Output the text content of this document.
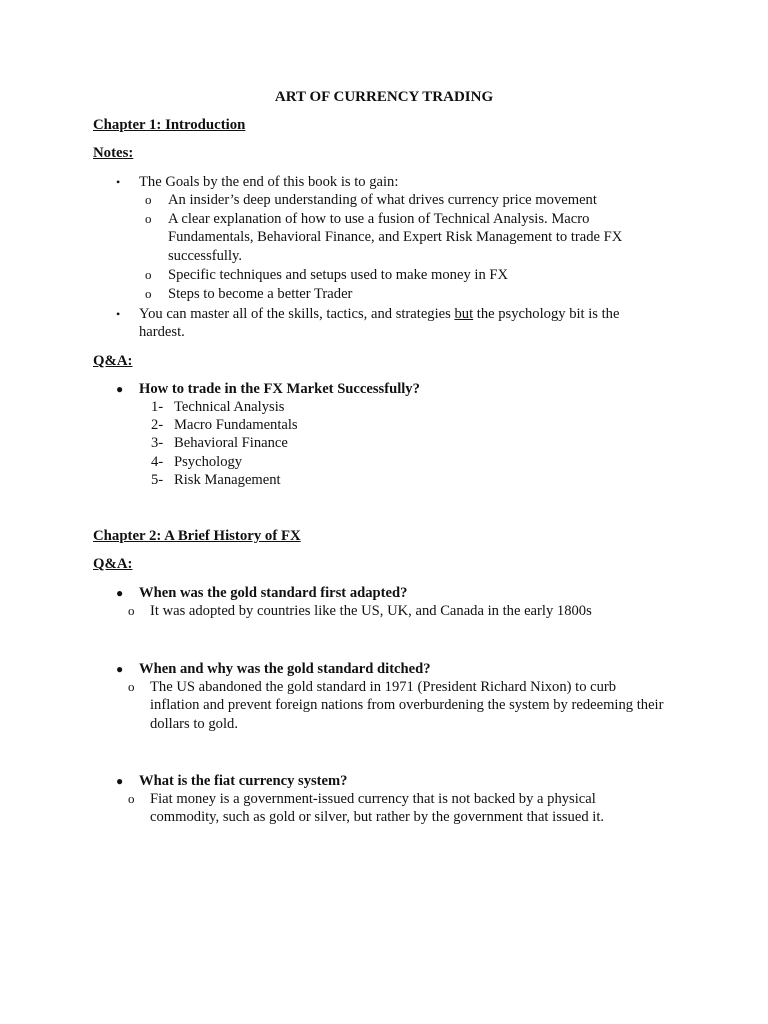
ART OF CURRENCY TRADING
Chapter 1: Introduction
Notes:
• The Goals by the end of this book is to gain:
o An insider’s deep understanding of what drives currency price movement
o A clear explanation of how to use a fusion of Technical Analysis. Macro Fundamentals, Behavioral Finance, and Expert Risk Management to trade FX successfully.
o Specific techniques and setups used to make money in FX
o Steps to become a better Trader
• You can master all of the skills, tactics, and strategies but the psychology bit is the hardest.
Q&A:
● How to trade in the FX Market Successfully?
1- Technical Analysis
2- Macro Fundamentals
3- Behavioral Finance
4- Psychology
5- Risk Management
Chapter 2: A Brief History of FX
Q&A:
● When was the gold standard first adapted?
o It was adopted by countries like the US, UK, and Canada in the early 1800s
● When and why was the gold standard ditched?
o The US abandoned the gold standard in 1971 (President Richard Nixon) to curb inflation and prevent foreign nations from overburdening the system by redeeming their dollars to gold.
● What is the fiat currency system?
o Fiat money is a government-issued currency that is not backed by a physical commodity, such as gold or silver, but rather by the government that issued it.
